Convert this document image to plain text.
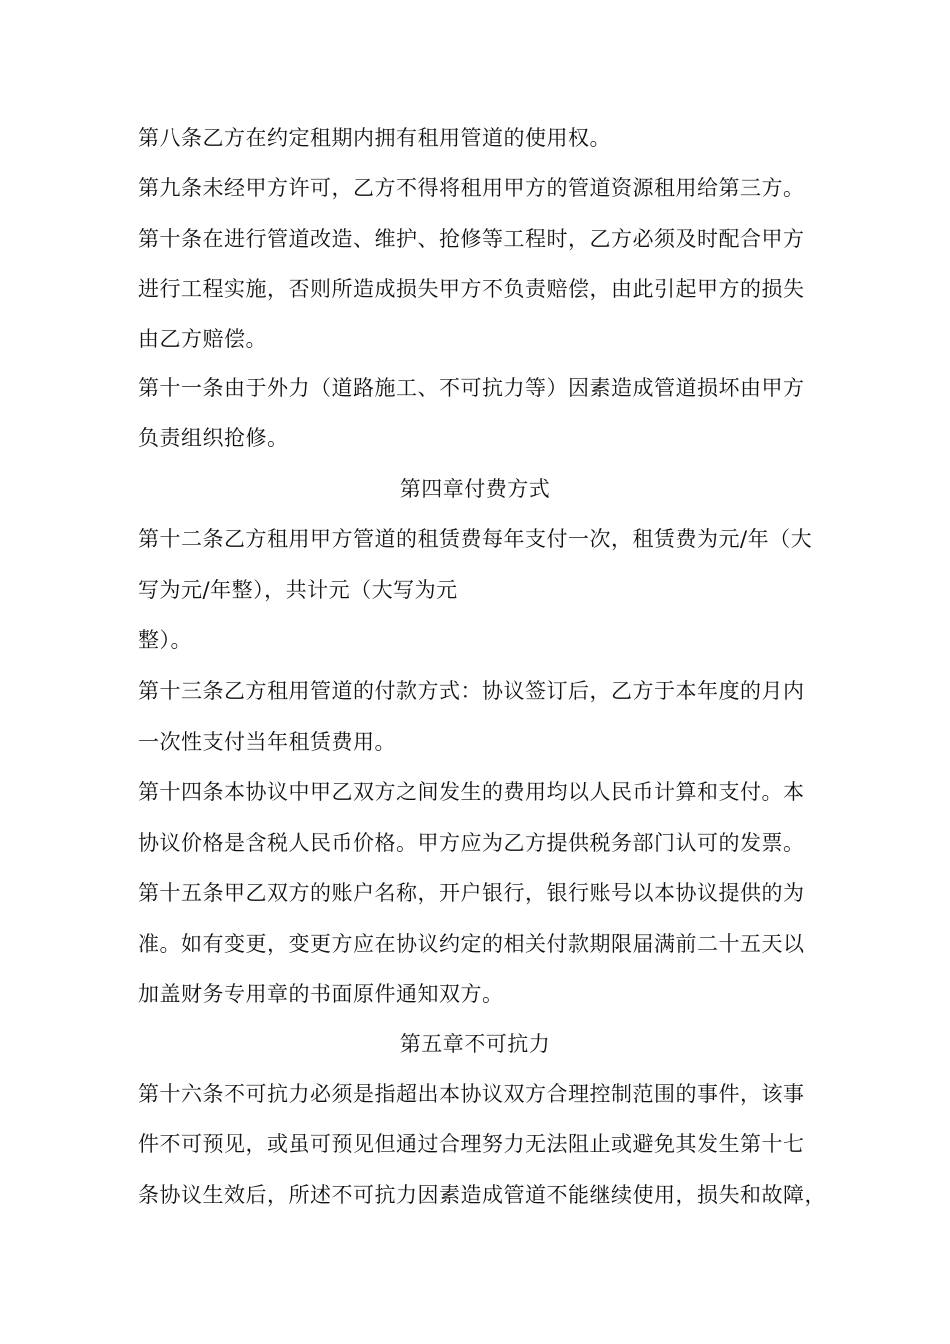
第八条乙方在约定租期内拥有租用管道的使用权。
第九条未经甲方许可，乙方不得将租用甲方的管道资源租用给第三方。
第十条在进行管道改造、维护、抢修等工程时，乙方必须及时配合甲方
进行工程实施，否则所造成损失甲方不负责赔偿，由此引起甲方的损失
由乙方赔偿。
第十一条由于外力（道路施工、不可抗力等）因素造成管道损坏由甲方
负责组织抢修。
第四章付费方式
第十二条乙方租用甲方管道的租赁费每年支付一次，租赁费为元/年（大
写为元/年整），共计元（大写为元
整）。
第十三条乙方租用管道的付款方式：协议签订后，乙方于本年度的月内
一次性支付当年租赁费用。
第十四条本协议中甲乙双方之间发生的费用均以人民币计算和支付。本
协议价格是含税人民币价格。甲方应为乙方提供税务部门认可的发票。
第十五条甲乙双方的账户名称，开户银行，银行账号以本协议提供的为
准。如有变更，变更方应在协议约定的相关付款期限届满前二十五天以
加盖财务专用章的书面原件通知双方。
第五章不可抗力
第十六条不可抗力必须是指超出本协议双方合理控制范围的事件，该事
件不可预见，或虽可预见但通过合理努力无法阻止或避免其发生第十七
条协议生效后，所述不可抗力因素造成管道不能继续使用，损失和故障，
